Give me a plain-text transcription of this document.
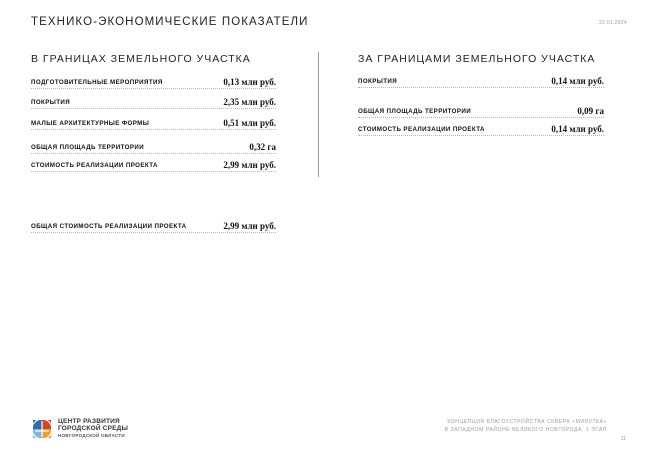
ТЕХНИКО-ЭКОНОМИЧЕСКИЕ ПОКАЗАТЕЛИ	22.01.2024
В ГРАНИЦАХ ЗЕМЕЛЬНОГО УЧАСТКА
ПОДГОТОВИТЕЛЬНЫЕ МЕРОПРИЯТИЯ	0,13 млн руб.
ПОКРЫТИЯ	2,35 млн руб.
МАЛЫЕ АРХИТЕКТУРНЫЕ ФОРМЫ	0,51 млн руб.
ОБЩАЯ ПЛОЩАДЬ ТЕРРИТОРИИ	0,32 га
СТОИМОСТЬ РЕАЛИЗАЦИИ ПРОЕКТА	2,99 млн руб.
ОБЩАЯ СТОИМОСТЬ РЕАЛИЗАЦИИ ПРОЕКТА	2,99 млн руб.
ЗА ГРАНИЦАМИ ЗЕМЕЛЬНОГО УЧАСТКА
ПОКРЫТИЯ	0,14 млн руб.
ОБЩАЯ ПЛОЩАДЬ ТЕРРИТОРИИ	0,09 га
СТОИМОСТЬ РЕАЛИЗАЦИИ ПРОЕКТА	0,14 млн руб.
ЦЕНТР РАЗВИТИЯ
ГОРОДСКОЙ СРЕДЫ
НОВГОРОДСКОЙ ОБЛАСТИ
КОНЦЕПЦИЯ БЛАГОУСТРОЙСТВА СКВЕРА «МИНУТКА»
В ЗАПАДНОМ РАЙОНЕ ВЕЛИКОГО НОВГОРОДА. 1 ЭТАП
11
